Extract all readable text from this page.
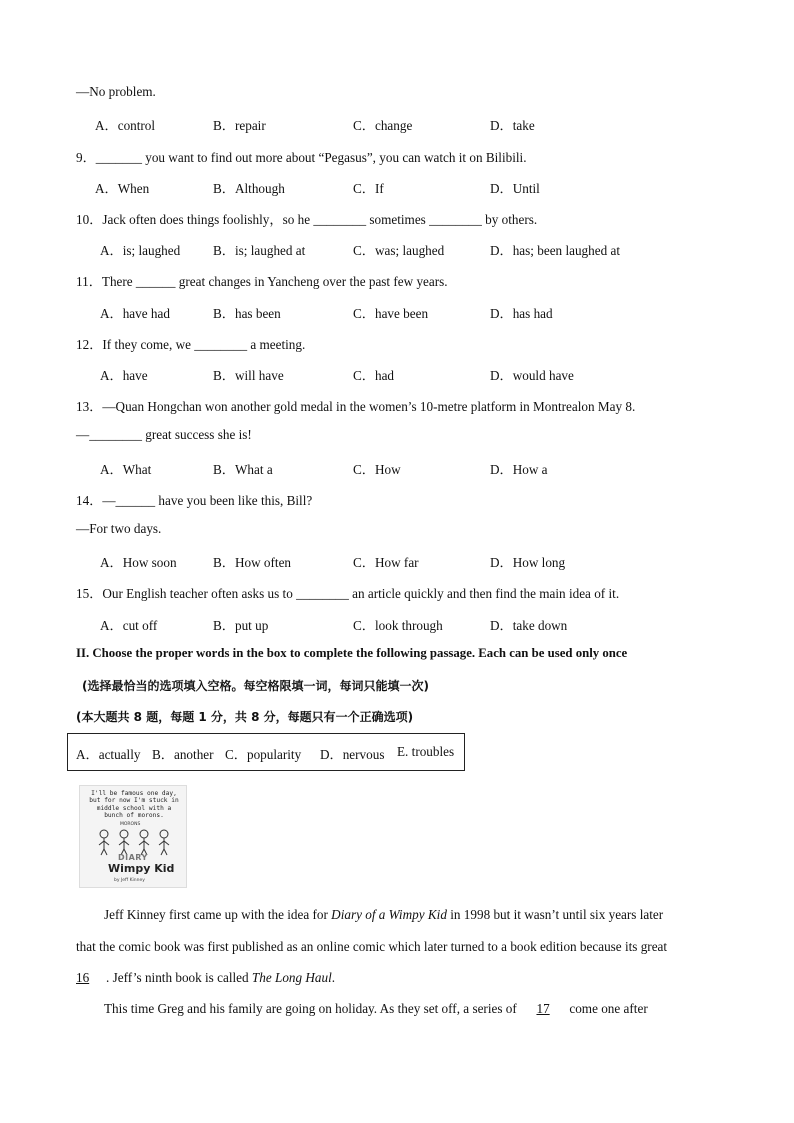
—No problem.
A．control	B．repair	C．change	D．take
9．_______ you want to find out more about “Pegasus”, you can watch it on Bilibili.
A．When	B．Although	C．If	D．Until
10．Jack often does things foolishly，so he ________ sometimes ________ by others.
A．is; laughed B．is; laughed at	C．was; laughed	D．has; been laughed at
11．There ______ great changes in Yancheng over the past few years.
A．have had	B．has been	C．have been	D．has had
12．If they come, we ________ a meeting.
A．have	B．will have	C．had	D．would have
13．—Quan Hongchan won another gold medal in the women’s 10-metre platform in Montrealon May 8.
—________ great success she is!
A．What	B．What a	C．How	D．How a
14．—______ have you been like this, Bill?
—For two days.
A．How soon	B．How often	C．How far	D．How long
15．Our English teacher often asks us to ________ an article quickly and then find the main idea of it.
A．cut off	B．put up	C．look through	D．take down
II. Choose the proper words in the box to complete the following passage. Each can be used only once
(选择最恰当的选项填入空格。每空格限填一词，每词只能填一次)
(本大题共 8 题，每题 1 分，共 8 分，每题只有一个正确选项)
A．actually B．another C．popularity D．nervous E. troubles
I'll be famous one day, but for now I'm stuck in middle school with a bunch of morons.
MORONS
DIARY
Wimpy Kid
by Jeff Kinney
Jeff Kinney first came up with the idea for Diary of a Wimpy Kid in 1998 but it wasn’t until six years later
that the comic book was first published as an online comic which later turned to a book edition because its great
16 . Jeff’s ninth book is called The Long Haul.
This time Greg and his family are going on holiday. As they set off, a series of 17 come one after
